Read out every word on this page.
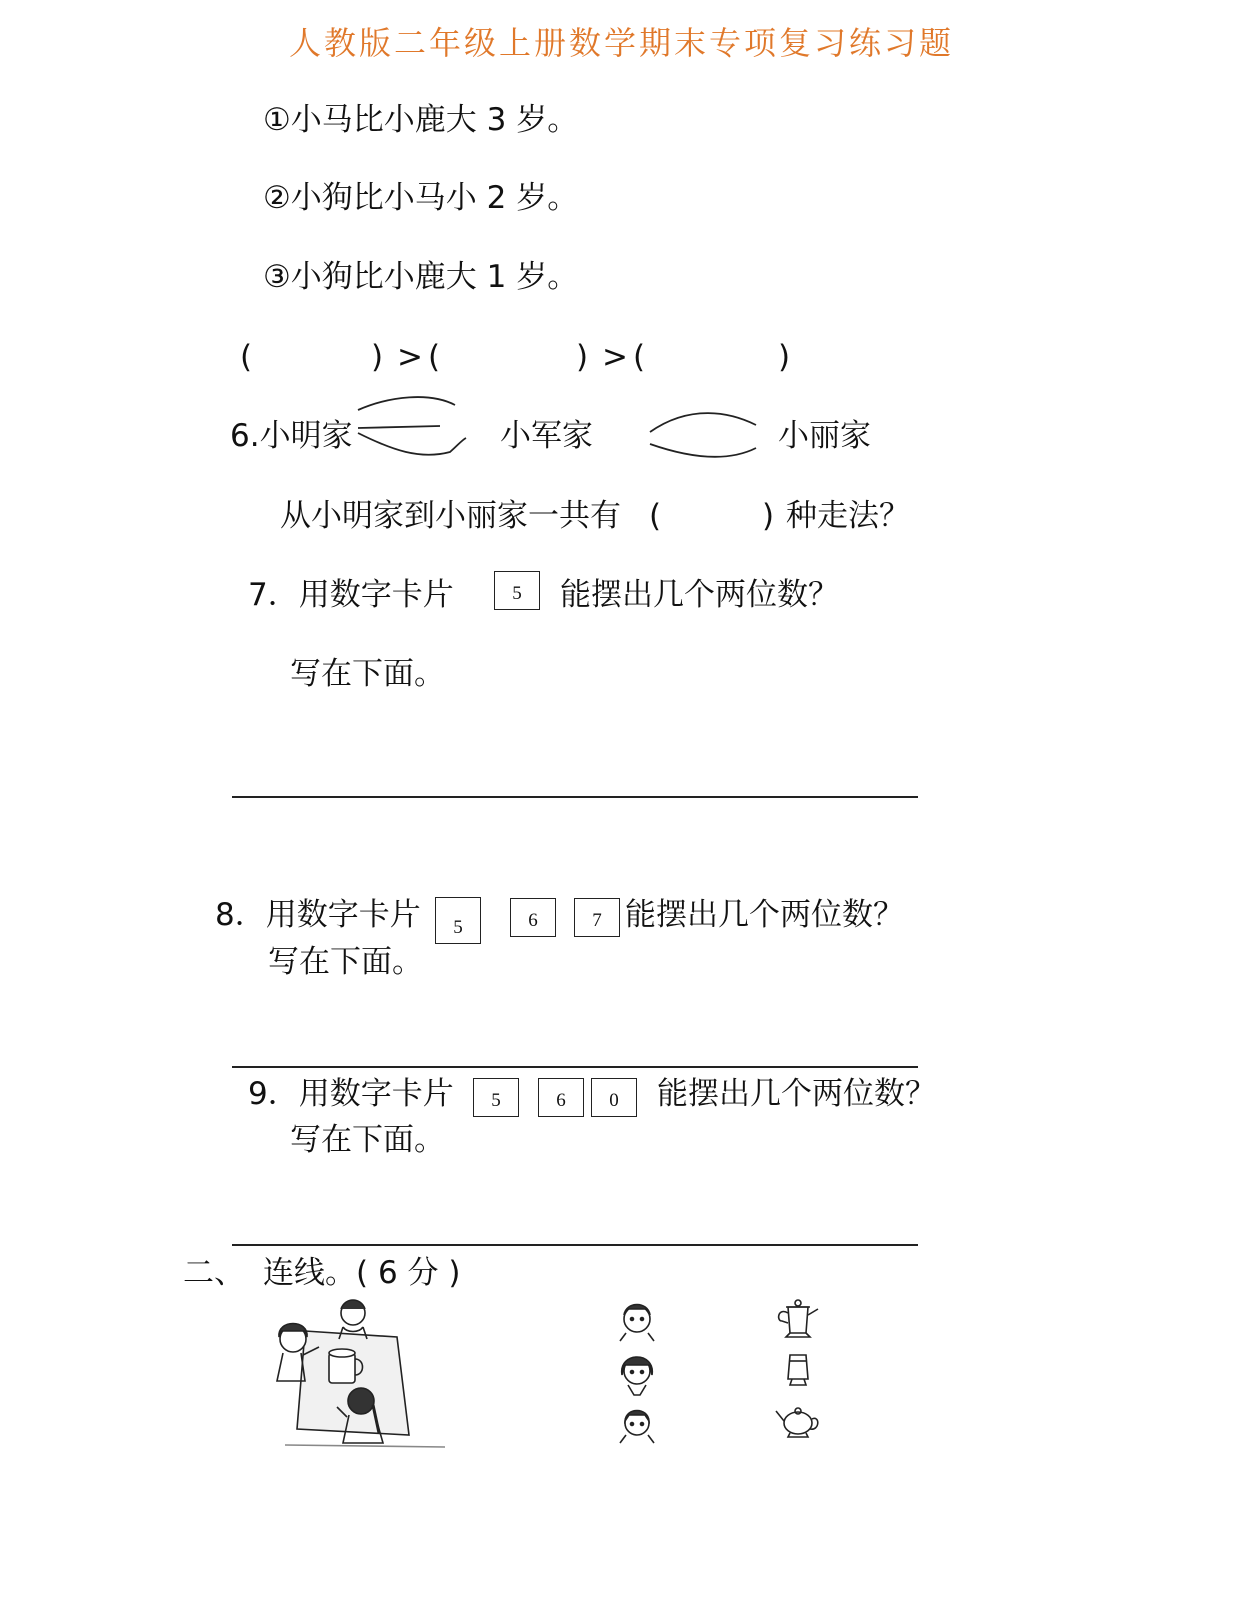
人教版二年级上册数学期末专项复习练习题
①小马比小鹿大 3 岁。
②小狗比小马小 2 岁。
③小狗比小鹿大 1 岁。
(	) > (	) > (	)
6.小明家	小军家	小丽家
从小明家到小丽家一共有 (	) 种走法？
7．用数字卡片	5	能摆出几个两位数？
写在下面。
8．用数字卡片	5	6	7 能摆出几个两位数？
写在下面。
9．用数字卡片	5	6	0	能摆出几个两位数？
写在下面。
二、 连线。( 6 分 )
